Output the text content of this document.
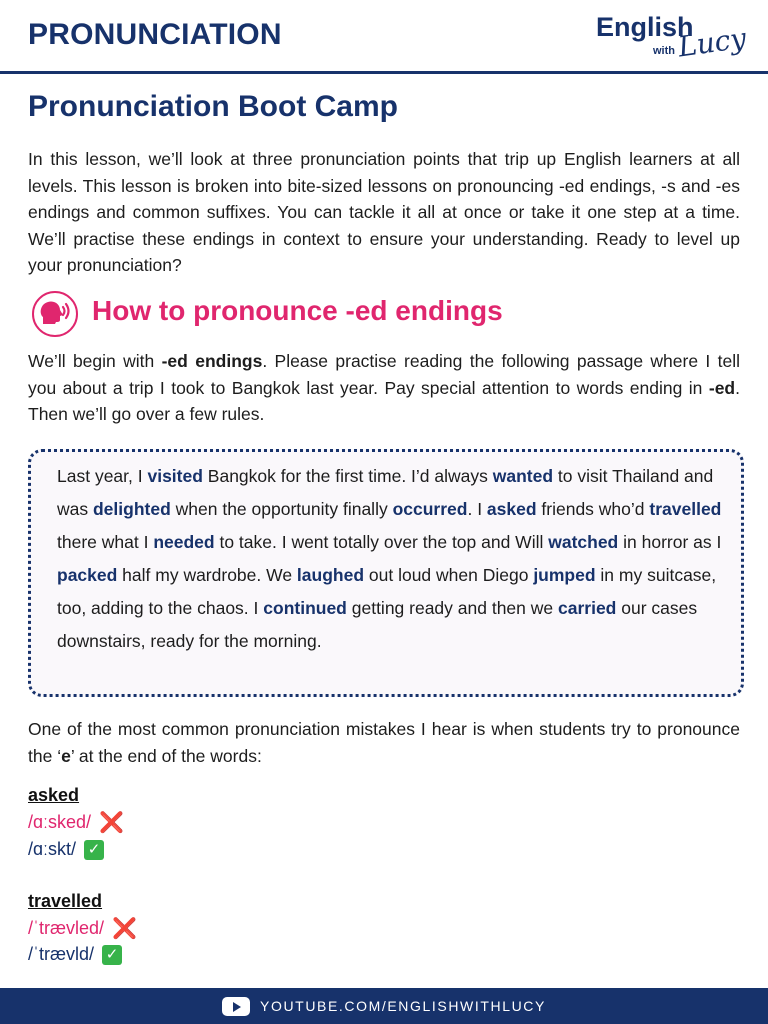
PRONUNCIATION	English
with Lucy
Pronunciation Boot Camp

In this lesson, we’ll look at three pronunciation points that trip up English learners at all levels. This lesson is broken into bite-sized lessons on pronouncing -ed endings, -s and -es endings and common suffixes. You can tackle it all at once or take it one step at a time. We’ll practise these endings in context to ensure your understanding. Ready to level up your pronunciation?

How to pronounce -ed endings

We’ll begin with -ed endings. Please practise reading the following passage where I tell you about a trip I took to Bangkok last year. Pay special attention to words ending in -ed. Then we’ll go over a few rules.

Last year, I visited Bangkok for the first time. I’d always wanted to visit Thailand and was delighted when the opportunity finally occurred. I asked friends who’d travelled there what I needed to take. I went totally over the top and Will watched in horror as I packed half my wardrobe. We laughed out loud when Diego jumped in my suitcase, too, adding to the chaos. I continued getting ready and then we carried our cases downstairs, ready for the morning.

One of the most common pronunciation mistakes I hear is when students try to pronounce the ‘e’ at the end of the words:

asked
/ɑːsked/ ❌
/ɑːskt/ ✓
travelled
/ˈtrævled/ ❌
/ˈtrævld/ ✓
YOUTUBE.COM/ENGLISHWITHLUCY
